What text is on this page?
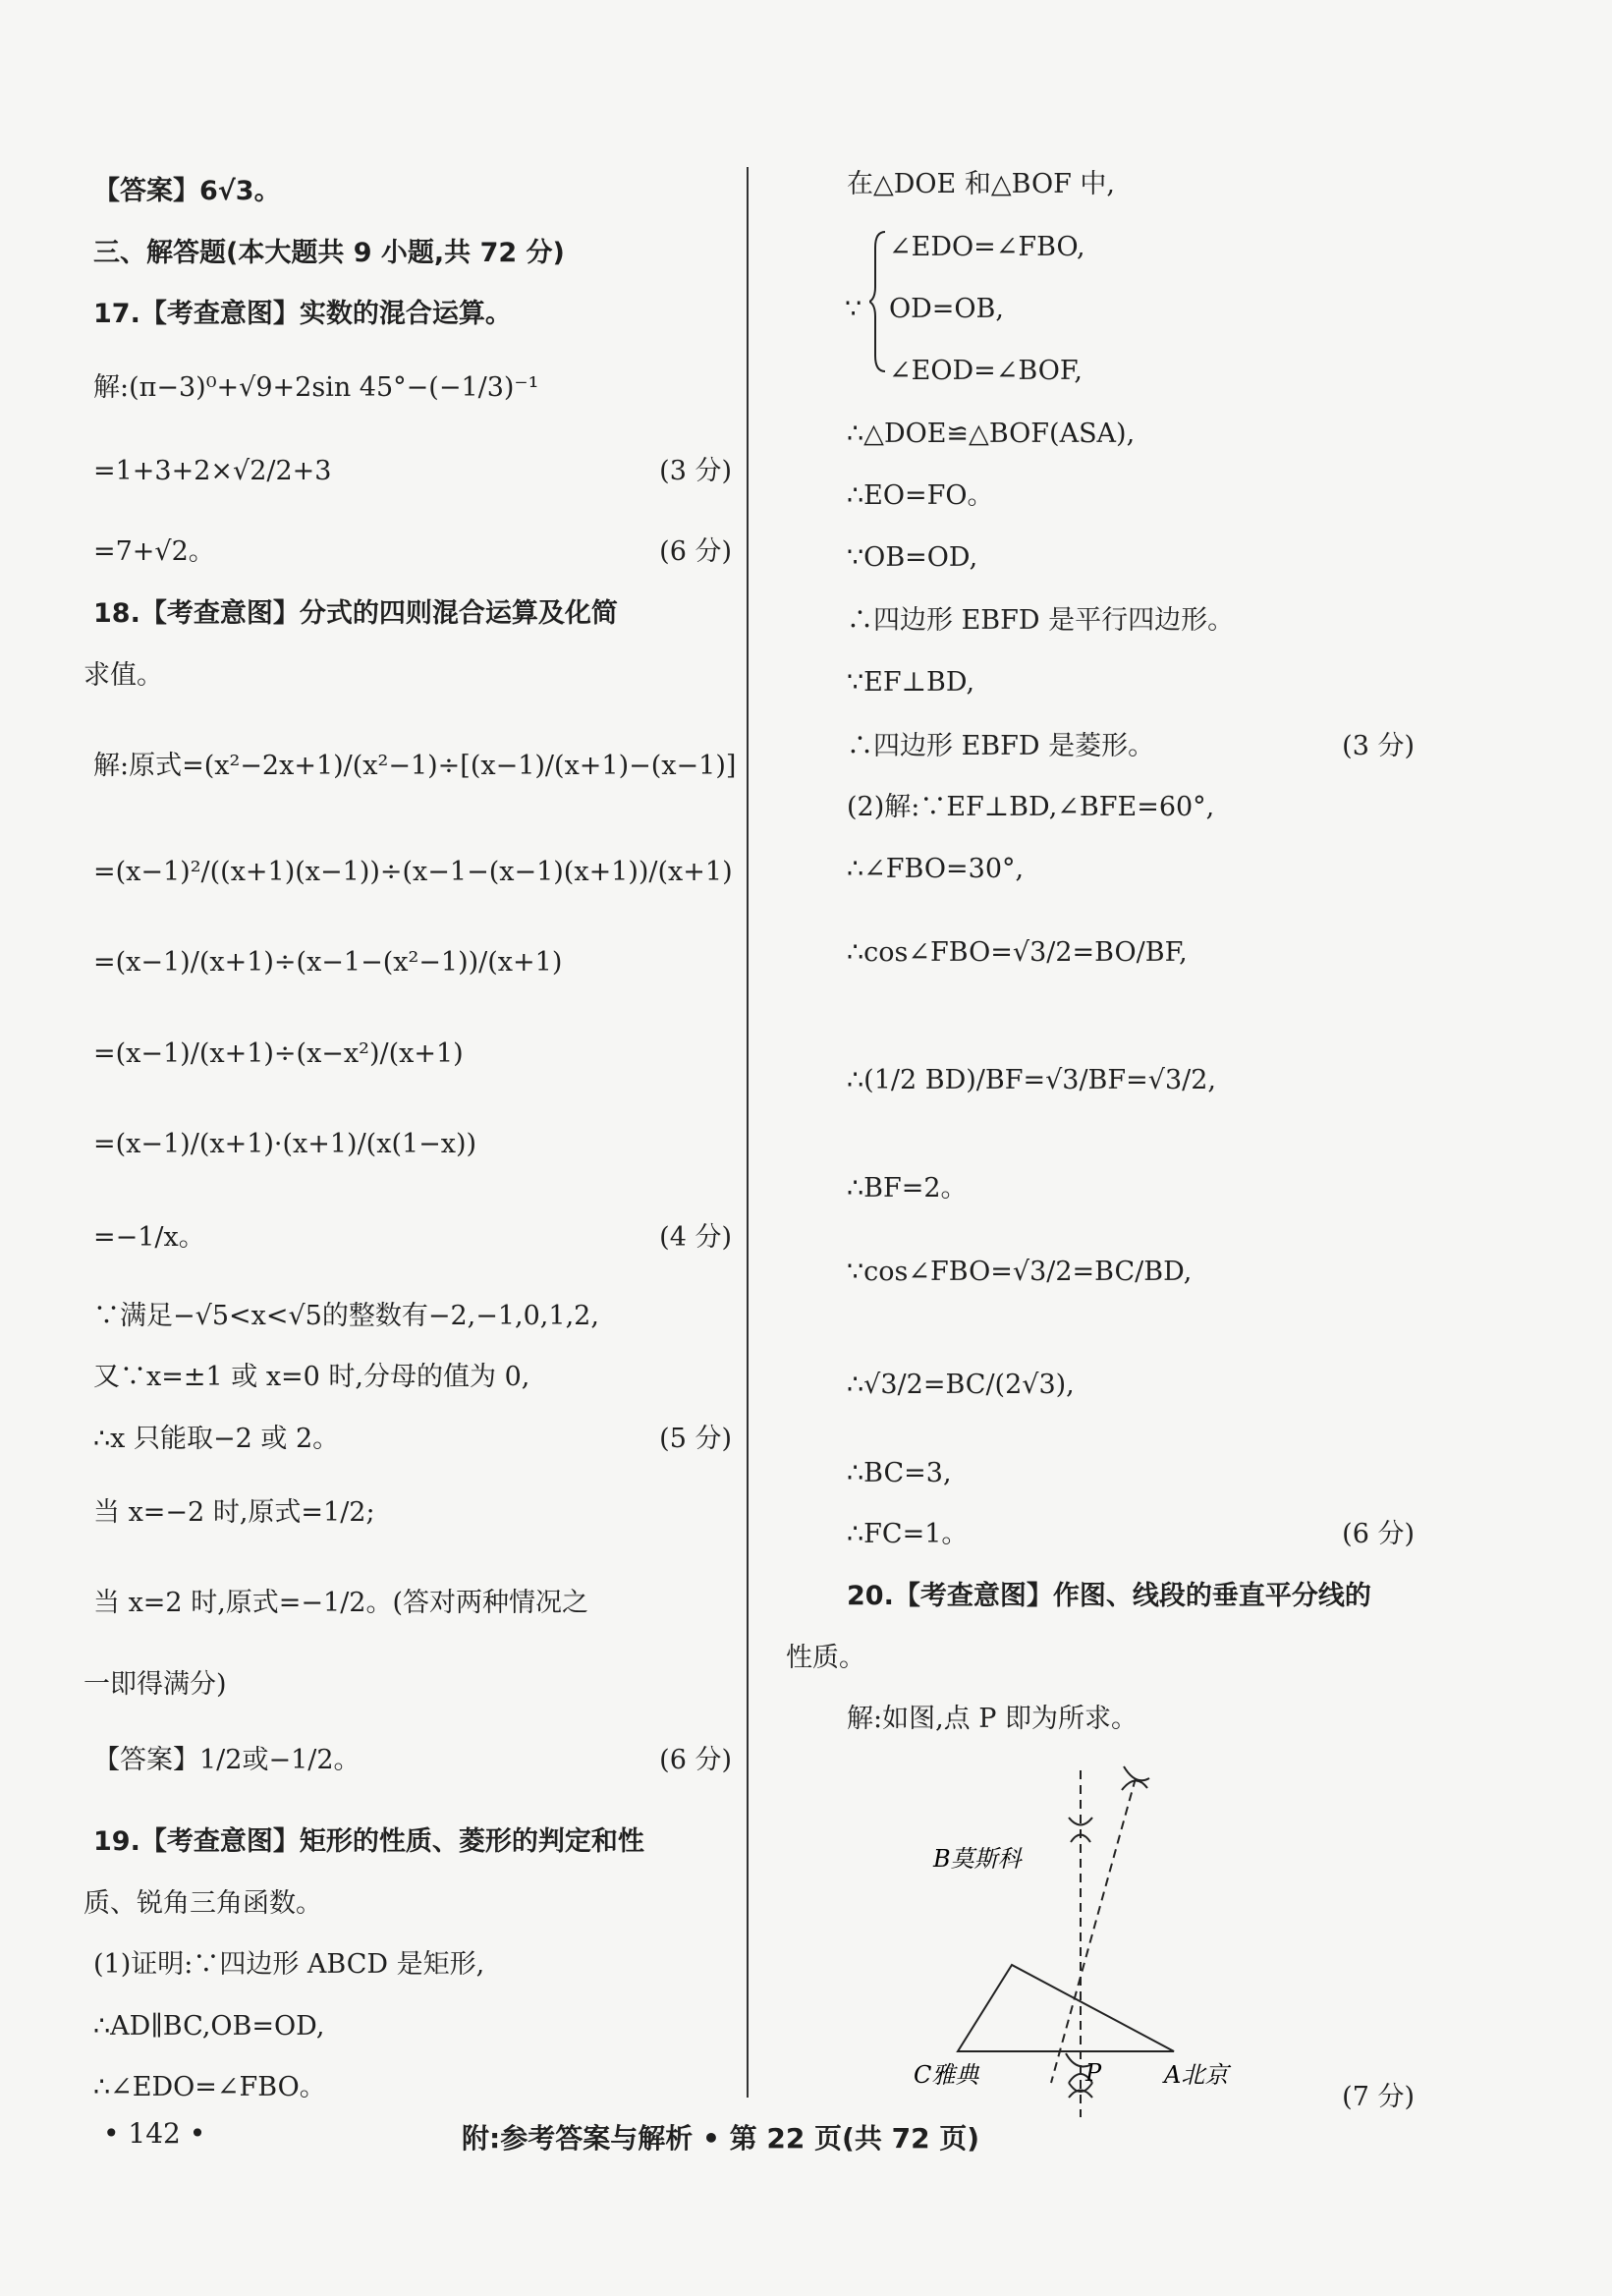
【答案】6√3。
三、解答题(本大题共 9 小题,共 72 分)
17.【考查意图】实数的混合运算。
解:(π−3)⁰+√9+2sin 45°−(−1/3)⁻¹
=1+3+2×√2/2+3	(3 分)
=7+√2。	(6 分)
18.【考查意图】分式的四则混合运算及化简
求值。
解:原式=(x²−2x+1)/(x²−1)÷[(x−1)/(x+1)−(x−1)]
=(x−1)²/((x+1)(x−1))÷(x−1−(x−1)(x+1))/(x+1)
=(x−1)/(x+1)÷(x−1−(x²−1))/(x+1)
=(x−1)/(x+1)÷(x−x²)/(x+1)
=(x−1)/(x+1)·(x+1)/(x(1−x))
=−1/x。	(4 分)
∵满足−√5<x<√5的整数有−2,−1,0,1,2,
又∵x=±1 或 x=0 时,分母的值为 0,
∴x 只能取−2 或 2。	(5 分)
当 x=−2 时,原式=1/2;
当 x=2 时,原式=−1/2。(答对两种情况之
一即得满分)
【答案】1/2或−1/2。	(6 分)
19.【考查意图】矩形的性质、菱形的判定和性
质、锐角三角函数。
(1)证明:∵四边形 ABCD 是矩形,
∴AD∥BC,OB=OD,
∴∠EDO=∠FBO。
在△DOE 和△BOF 中,
∠EDO=∠FBO,
∵ OD=OB,
∠EOD=∠BOF,
∴△DOE≌△BOF(ASA),
∴EO=FO。
∵OB=OD,
∴四边形 EBFD 是平行四边形。
∵EF⊥BD,
∴四边形 EBFD 是菱形。	(3 分)
(2)解:∵EF⊥BD,∠BFE=60°,
∴∠FBO=30°,
∴cos∠FBO=√3/2=BO/BF,
∴(1/2 BD)/BF=√3/BF=√3/2,
∴BF=2。
∵cos∠FBO=√3/2=BC/BD,
∴√3/2=BC/(2√3),
∴BC=3,
∴FC=1。	(6 分)
20.【考查意图】作图、线段的垂直平分线的
性质。
解:如图,点 P 即为所求。
B莫斯科
C雅典	P	A北京
(7 分)
• 142 •	附:参考答案与解析 • 第 22 页(共 72 页)
